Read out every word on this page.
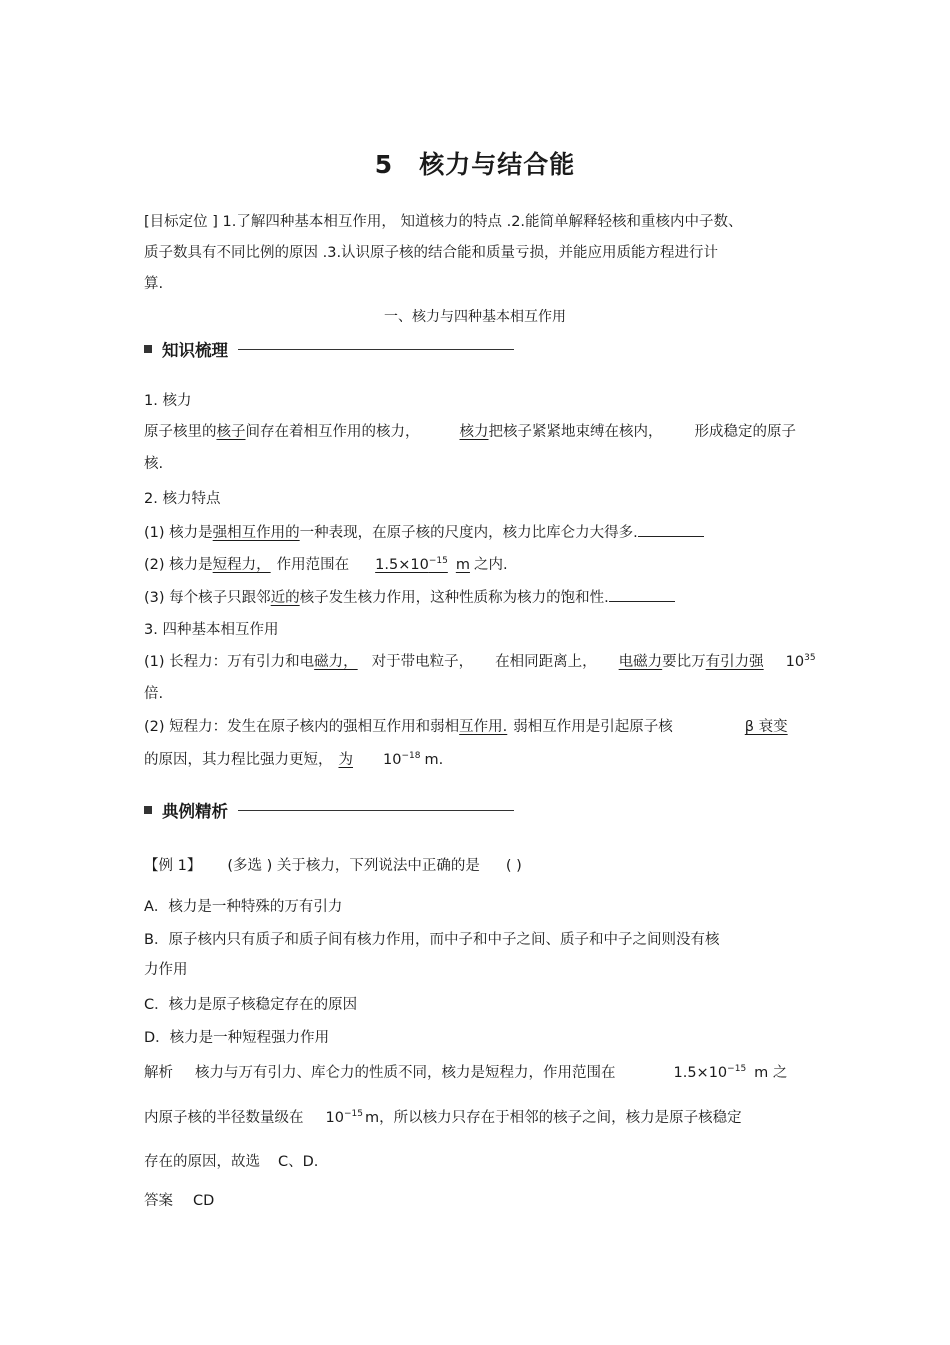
5 核力与结合能
[目标定位 ] 1.了解四种基本相互作用， 知道核力的特点 .2.能简单解释轻核和重核内中子数、
质子数具有不同比例的原因 .3.认识原子核的结合能和质量亏损，并能应用质能方程进行计
算.
一、核力与四种基本相互作用
知识梳理
1. 核力
原子核里的核子间存在着相互作用的核力，	核力把核子紧紧地束缚在核内， 形成稳定的原子
核.
2. 核力特点
(1) 核力是强相互作用的一种表现，在原子核的尺度内，核力比库仑力大得多.
(2) 核力是短程力， 作用范围在 $1.5\times 10^{-15}$ m 之内.
(3) 每个核子只跟邻近的核子发生核力作用，这种性质称为核力的饱和性.
3. 四种基本相互作用
(1) 长程力：万有引力和电磁力， 对于带电粒子， 在相同距离上， 电磁力要比万有引力强 $10^{35}$
倍.
(2) 短程力：发生在原子核内的强相互作用和弱相互作用. 弱相互作用是引起原子核	β 衰变
的原因，其力程比强力更短， 为 $10^{-18}$ m.
典例精析
【例 1】 (多选 ) 关于核力，下列说法中正确的是 ( )
A．核力是一种特殊的万有引力
B．原子核内只有质子和质子间有核力作用，而中子和中子之间、质子和中子之间则没有核
力作用
C．核力是原子核稳定存在的原因
D．核力是一种短程强力作用
解析 核力与万有引力、库仑力的性质不同，核力是短程力，作用范围在	$1.5\times 10^{-15}$ m 之
内原子核的半径数量级在 $10^{-15}$ m，所以核力只存在于相邻的核子之间，核力是原子核稳定
存在的原因，故选 C、D.
答案 CD
